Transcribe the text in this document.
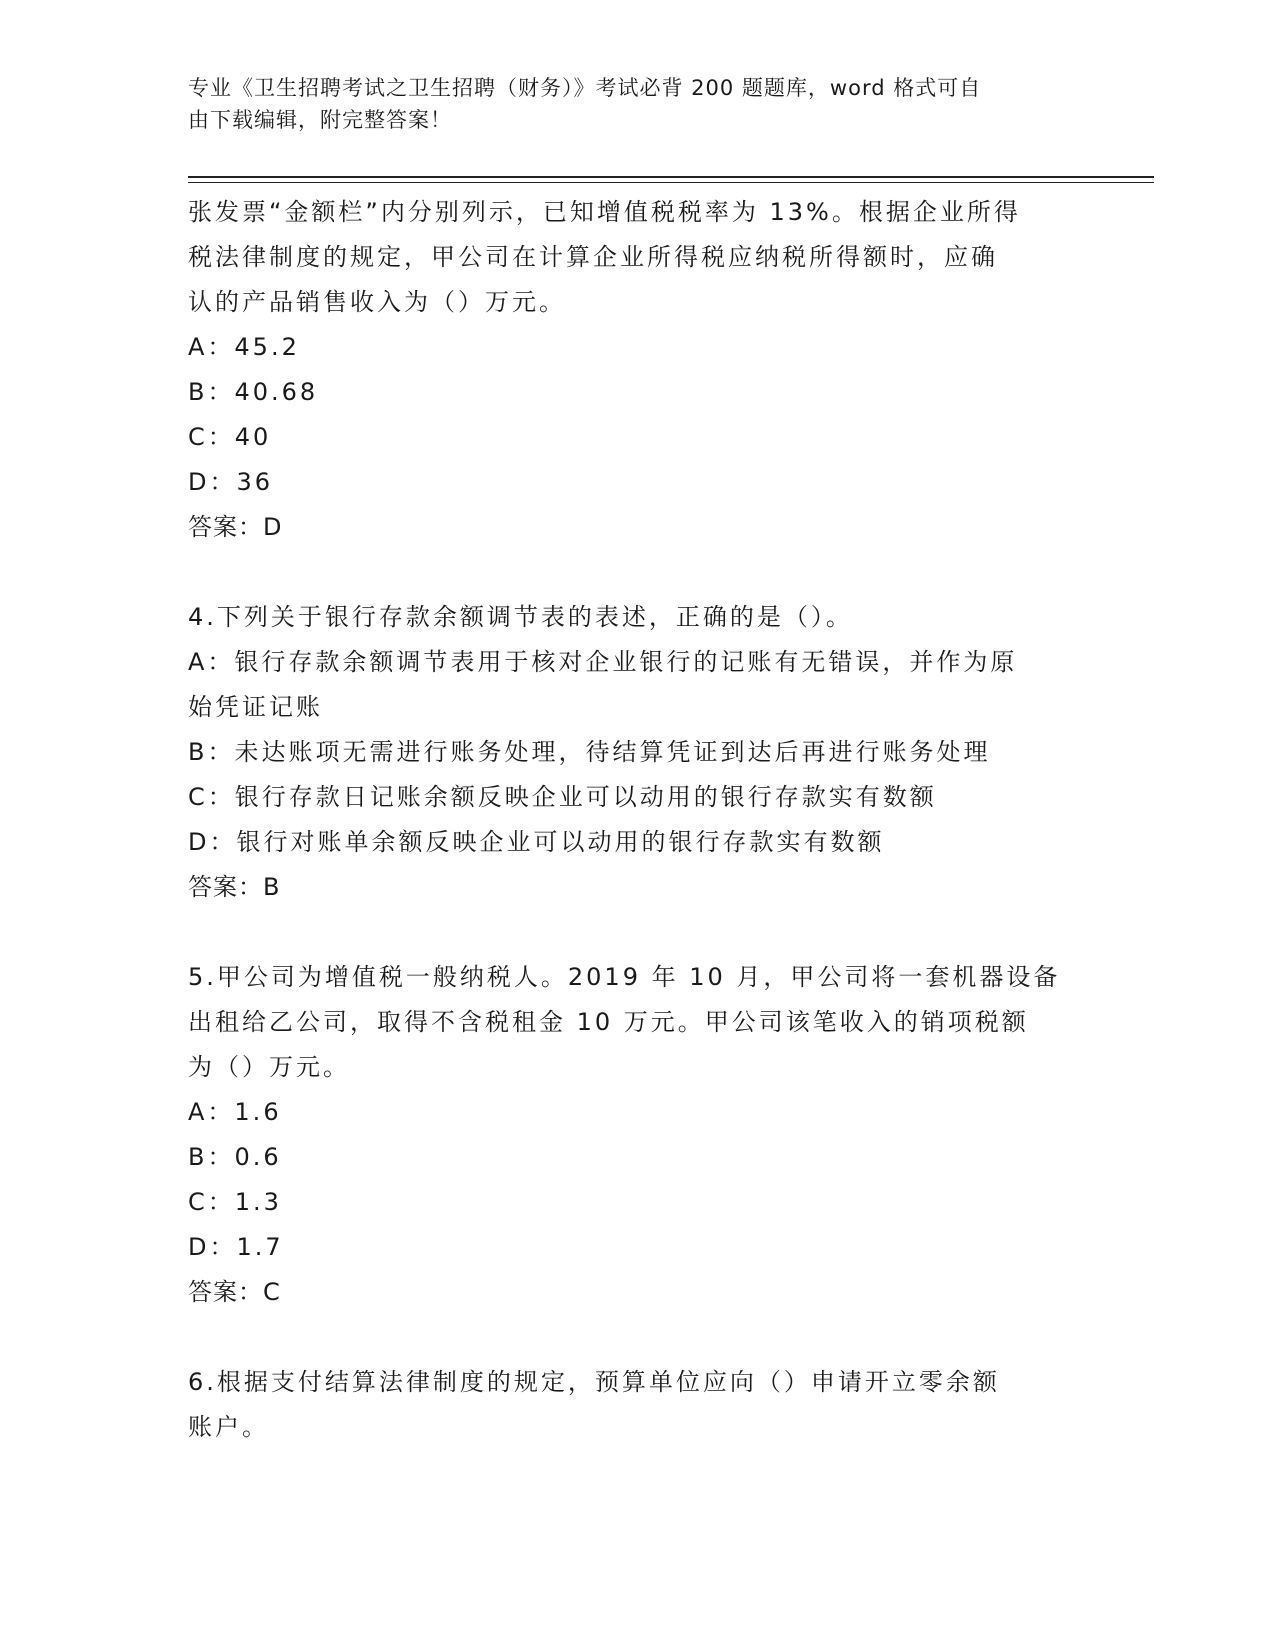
专业《卫生招聘考试之卫生招聘（财务）》考试必背 200 题题库，word 格式可自
由下载编辑，附完整答案！
张发票“金额栏”内分别列示，已知增值税税率为 13%。根据企业所得
税法律制度的规定，甲公司在计算企业所得税应纳税所得额时，应确
认的产品销售收入为（）万元。
A：45.2
B：40.68
C：40
D：36
答案：D
4.下列关于银行存款余额调节表的表述，正确的是（）。
A：银行存款余额调节表用于核对企业银行的记账有无错误，并作为原
始凭证记账
B：未达账项无需进行账务处理，待结算凭证到达后再进行账务处理
C：银行存款日记账余额反映企业可以动用的银行存款实有数额
D：银行对账单余额反映企业可以动用的银行存款实有数额
答案：B
5.甲公司为增值税一般纳税人。2019 年 10 月，甲公司将一套机器设备
出租给乙公司，取得不含税租金 10 万元。甲公司该笔收入的销项税额
为（）万元。
A：1.6
B：0.6
C：1.3
D：1.7
答案：C
6.根据支付结算法律制度的规定，预算单位应向（）申请开立零余额
账户。
